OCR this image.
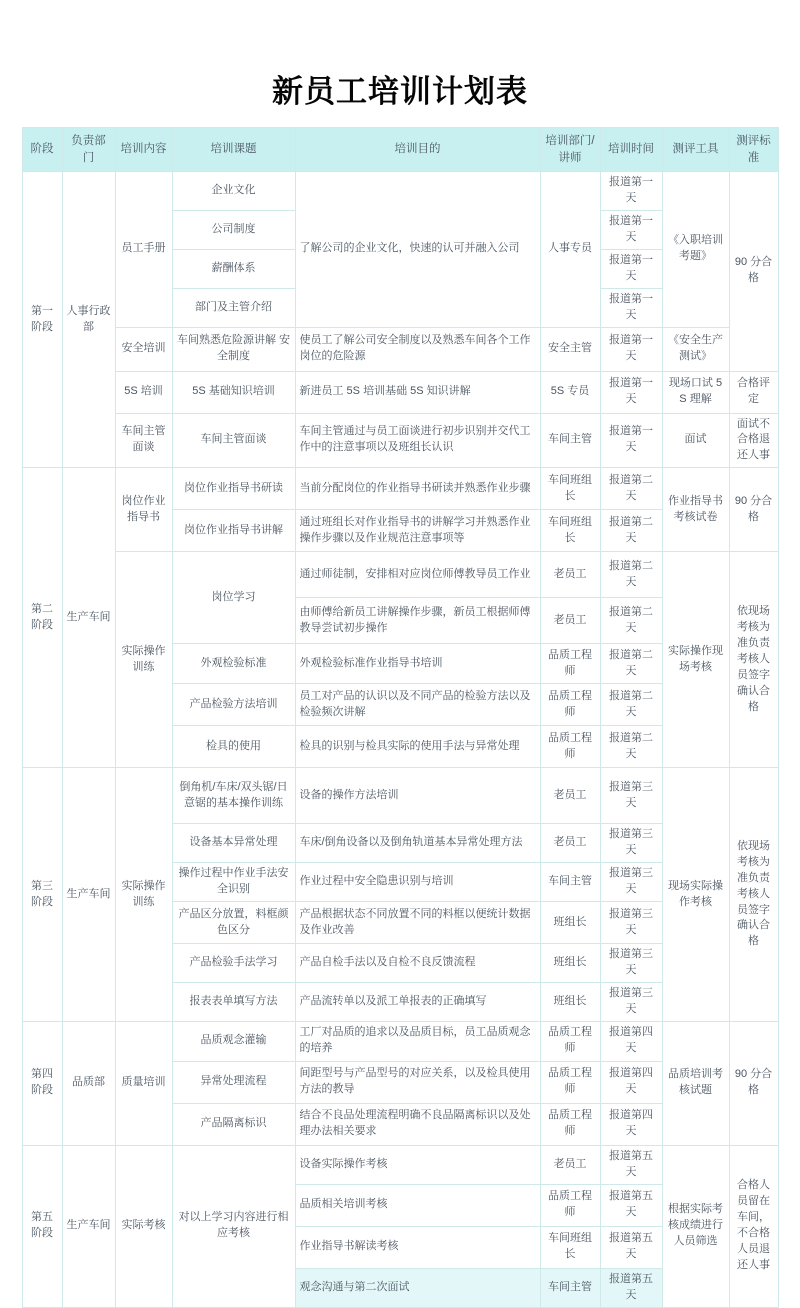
新员工培训计划表
阶段	负责部门	培训内容	培训课题	培训目的	培训部门/讲师	培训时间	测评工具	测评标准
第一阶段	人事行政部	员工手册	企业文化	了解公司的企业文化，快速的认可并融入公司	人事专员	报道第一天	《入职培训考题》	90 分合格
			公司制度			报道第一天		
			薪酬体系			报道第一天		
			部门及主管介绍			报道第一天		
		安全培训	车间熟悉危险源讲解 安全制度	使员工了解公司安全制度以及熟悉车间各个工作岗位的危险源	安全主管	报道第一天	《安全生产测试》	
		5S 培训	5S 基础知识培训	新进员工 5S 培训基础 5S 知识讲解	5S 专员	报道第一天	现场口试 5S 理解	合格评定
		车间主管面谈	车间主管面谈	车间主管通过与员工面谈进行初步识别并交代工作中的注意事项以及班组长认识	车间主管	报道第一天	面试	面试不合格退还人事
第二阶段	生产车间	岗位作业指导书	岗位作业指导书研读	当前分配岗位的作业指导书研读并熟悉作业步骤	车间班组长	报道第二天	作业指导书考核试卷	90 分合格
			岗位作业指导书讲解	通过班组长对作业指导书的讲解学习并熟悉作业操作步骤以及作业规范注意事项等	车间班组长	报道第二天		
		实际操作训练	岗位学习	通过师徒制，安排相对应岗位师傅教导员工作业	老员工	报道第二天	实际操作现场考核	依现场考核为准负责考核人员签字确认合格
				由师傅给新员工讲解操作步骤，新员工根据师傅教导尝试初步操作	老员工	报道第二天		
			外观检验标准	外观检验标准作业指导书培训	品质工程师	报道第二天		
			产品检验方法培训	员工对产品的认识以及不同产品的检验方法以及检验频次讲解	品质工程师	报道第二天		
			检具的使用	检具的识别与检具实际的使用手法与异常处理	品质工程师	报道第二天		
第三阶段	生产车间	实际操作训练	倒角机/车床/双头锯/日意锯的基本操作训练	设备的操作方法培训	老员工	报道第三天	现场实际操作考核	依现场考核为准负责考核人员签字确认合格
			设备基本异常处理	车床/倒角设备以及倒角轨道基本异常处理方法	老员工	报道第三天		
			操作过程中作业手法安全识别	作业过程中安全隐患识别与培训	车间主管	报道第三天		
			产品区分放置，料框颜色区分	产品根据状态不同放置不同的料框以便统计数据及作业改善	班组长	报道第三天		
			产品检验手法学习	产品自检手法以及自检不良反馈流程	班组长	报道第三天		
			报表表单填写方法	产品流转单以及派工单报表的正确填写	班组长	报道第三天		
第四阶段	品质部	质量培训	品质观念灌输	工厂对品质的追求以及品质目标，员工品质观念的培养	品质工程师	报道第四天	品质培训考核试题	90 分合格
			异常处理流程	间距型号与产品型号的对应关系，以及检具使用方法的教导	品质工程师	报道第四天		
			产品隔离标识	结合不良品处理流程明确不良品隔离标识以及处理办法相关要求	品质工程师	报道第四天		
第五阶段	生产车间	实际考核	对以上学习内容进行相应考核	设备实际操作考核	老员工	报道第五天	根据实际考核成绩进行人员筛选	合格人员留在车间，不合格人员退还人事
				品质相关培训考核	品质工程师	报道第五天		
				作业指导书解读考核	车间班组长	报道第五天		
				观念沟通与第二次面试	车间主管	报道第五天		
